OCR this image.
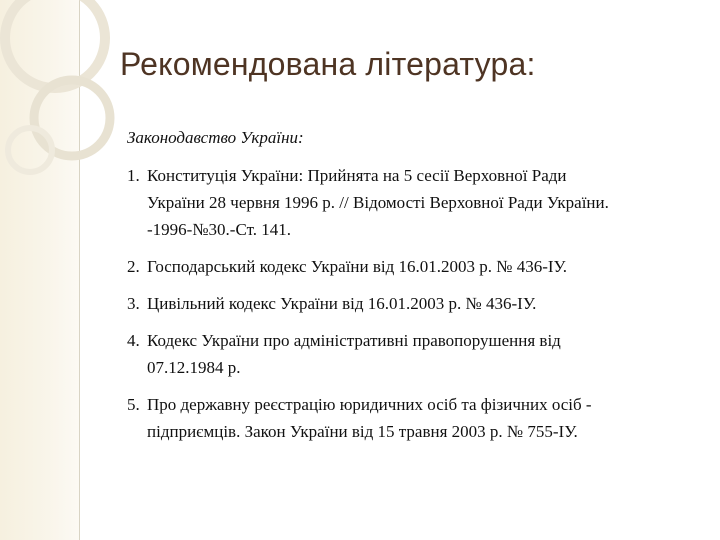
Рекомендована література:

Законодавство України:

1. Конституція України: Прийнята на 5 сесії Верховної Ради
України 28 червня 1996 р. // Відомості Верховної Ради України.
-1996-№30.-Ст. 141.
2. Господарський кодекс України від 16.01.2003 р. № 436-IУ.
3. Цивільний кодекс України від 16.01.2003 р. № 436-IУ.
4. Кодекс України про адміністративні правопорушення від
07.12.1984 р.
5. Про державну реєстрацію юридичних осіб та фізичних осіб -
підприємців. Закон України від 15 травня 2003 р. № 755-IУ.
